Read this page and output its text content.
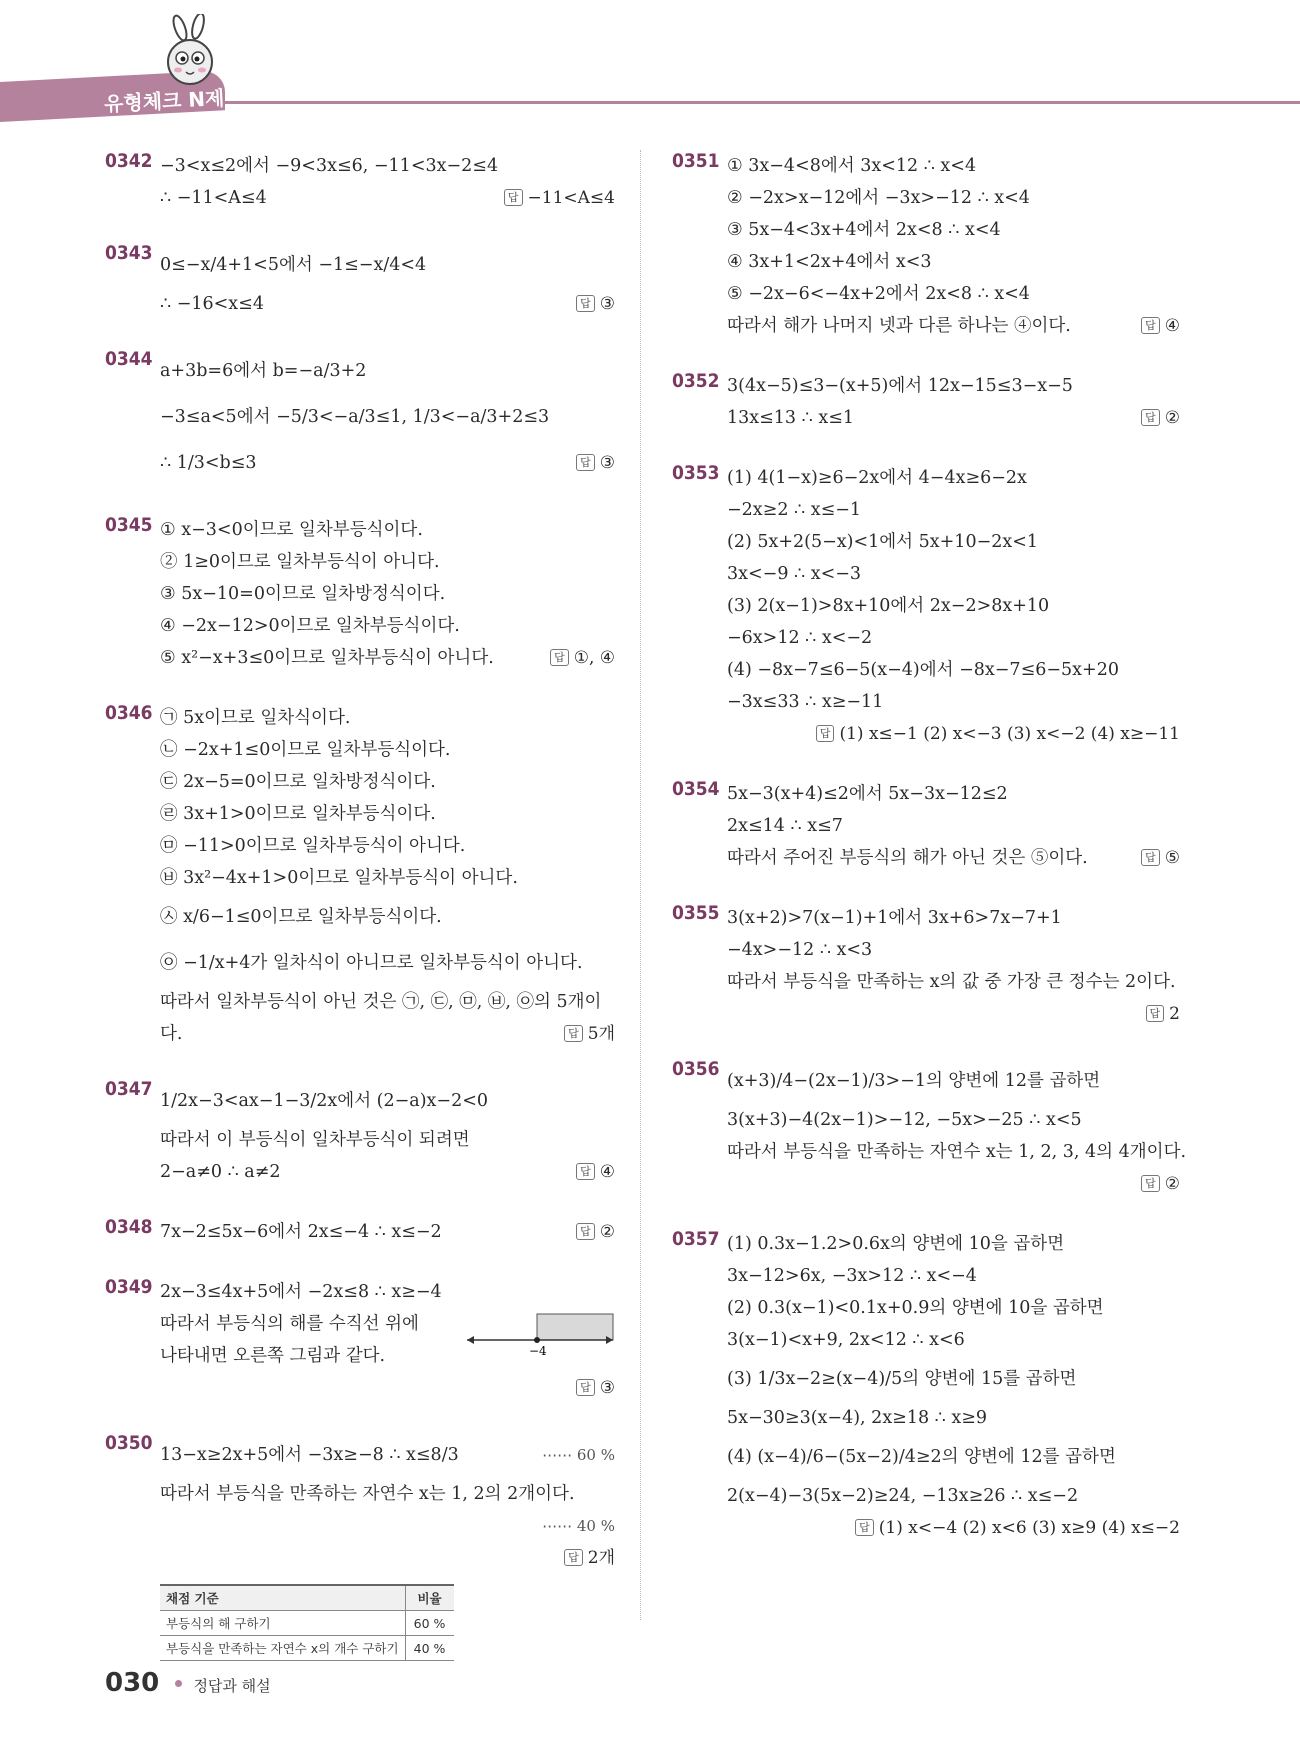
유형체크 N제
0342 −3<x≤2에서 −9<3x≤6, −11<3x−2≤4
∴ −11<A≤4	답 −11<A≤4
0343
0≤−x/4+1<5에서 −1≤−x/4<4
∴ −16<x≤4	답 ③
0344
a+3b=6에서 b=−a/3+2
−3≤a<5에서 −5/3<−a/3≤1, 1/3<−a/3+2≤3
∴ 1/3<b≤3	답 ③
0345 ① x−3<0이므로 일차부등식이다.
② 1≥0이므로 일차부등식이 아니다.
③ 5x−10=0이므로 일차방정식이다.
④ −2x−12>0이므로 일차부등식이다.
⑤ x²−x+3≤0이므로 일차부등식이 아니다.	답 ①, ④
0346 ㉠ 5x이므로 일차식이다.
㉡ −2x+1≤0이므로 일차부등식이다.
㉢ 2x−5=0이므로 일차방정식이다.
㉣ 3x+1>0이므로 일차부등식이다.
㉤ −11>0이므로 일차부등식이 아니다.
㉥ 3x²−4x+1>0이므로 일차부등식이 아니다.
㉦ x/6−1≤0이므로 일차부등식이다.
㉧ −1/x+4가 일차식이 아니므로 일차부등식이 아니다.
따라서 일차부등식이 아닌 것은 ㉠, ㉢, ㉤, ㉥, ㉧의 5개이
다.	답 5개
0347
1/2x−3<ax−1−3/2x에서 (2−a)x−2<0
따라서 이 부등식이 일차부등식이 되려면
2−a≠0 ∴ a≠2	답 ④
0348 7x−2≤5x−6에서 2x≤−4 ∴ x≤−2	답 ②
0349 2x−3≤4x+5에서 −2x≤8 ∴ x≥−4
따라서 부등식의 해를 수직선 위에
나타내면 오른쪽 그림과 같다.
답 ③
−4
0350
13−x≥2x+5에서 −3x≥−8 ∴ x≤8/3	⋯⋯ 60 %
따라서 부등식을 만족하는 자연수 x는 1, 2의 2개이다.
⋯⋯ 40 %
답 2개
채점 기준	비율
부등식의 해 구하기	60 %
부등식을 만족하는 자연수 x의 개수 구하기	40 %
0351 ① 3x−4<8에서 3x<12 ∴ x<4
② −2x>x−12에서 −3x>−12 ∴ x<4
③ 5x−4<3x+4에서 2x<8 ∴ x<4
④ 3x+1<2x+4에서 x<3
⑤ −2x−6<−4x+2에서 2x<8 ∴ x<4
따라서 해가 나머지 넷과 다른 하나는 ④이다.	답 ④
0352 3(4x−5)≤3−(x+5)에서 12x−15≤3−x−5
13x≤13 ∴ x≤1	답 ②
0353 (1) 4(1−x)≥6−2x에서 4−4x≥6−2x
−2x≥2 ∴ x≤−1
(2) 5x+2(5−x)<1에서 5x+10−2x<1
3x<−9 ∴ x<−3
(3) 2(x−1)>8x+10에서 2x−2>8x+10
−6x>12 ∴ x<−2
(4) −8x−7≤6−5(x−4)에서 −8x−7≤6−5x+20
−3x≤33 ∴ x≥−11
답 (1) x≤−1 (2) x<−3 (3) x<−2 (4) x≥−11
0354 5x−3(x+4)≤2에서 5x−3x−12≤2
2x≤14 ∴ x≤7
따라서 주어진 부등식의 해가 아닌 것은 ⑤이다.	답 ⑤
0355 3(x+2)>7(x−1)+1에서 3x+6>7x−7+1
−4x>−12 ∴ x<3
따라서 부등식을 만족하는 x의 값 중 가장 큰 정수는 2이다.
답 2
0356
(x+3)/4−(2x−1)/3>−1의 양변에 12를 곱하면
3(x+3)−4(2x−1)>−12, −5x>−25 ∴ x<5
따라서 부등식을 만족하는 자연수 x는 1, 2, 3, 4의 4개이다.
답 ②
0357 (1) 0.3x−1.2>0.6x의 양변에 10을 곱하면
3x−12>6x, −3x>12 ∴ x<−4
(2) 0.3(x−1)<0.1x+0.9의 양변에 10을 곱하면
3(x−1)<x+9, 2x<12 ∴ x<6
(3) 1/3x−2≥(x−4)/5의 양변에 15를 곱하면
5x−30≥3(x−4), 2x≥18 ∴ x≥9
(4) (x−4)/6−(5x−2)/4≥2의 양변에 12를 곱하면
2(x−4)−3(5x−2)≥24, −13x≥26 ∴ x≤−2
답 (1) x<−4 (2) x<6 (3) x≥9 (4) x≤−2
030 정답과 해설
